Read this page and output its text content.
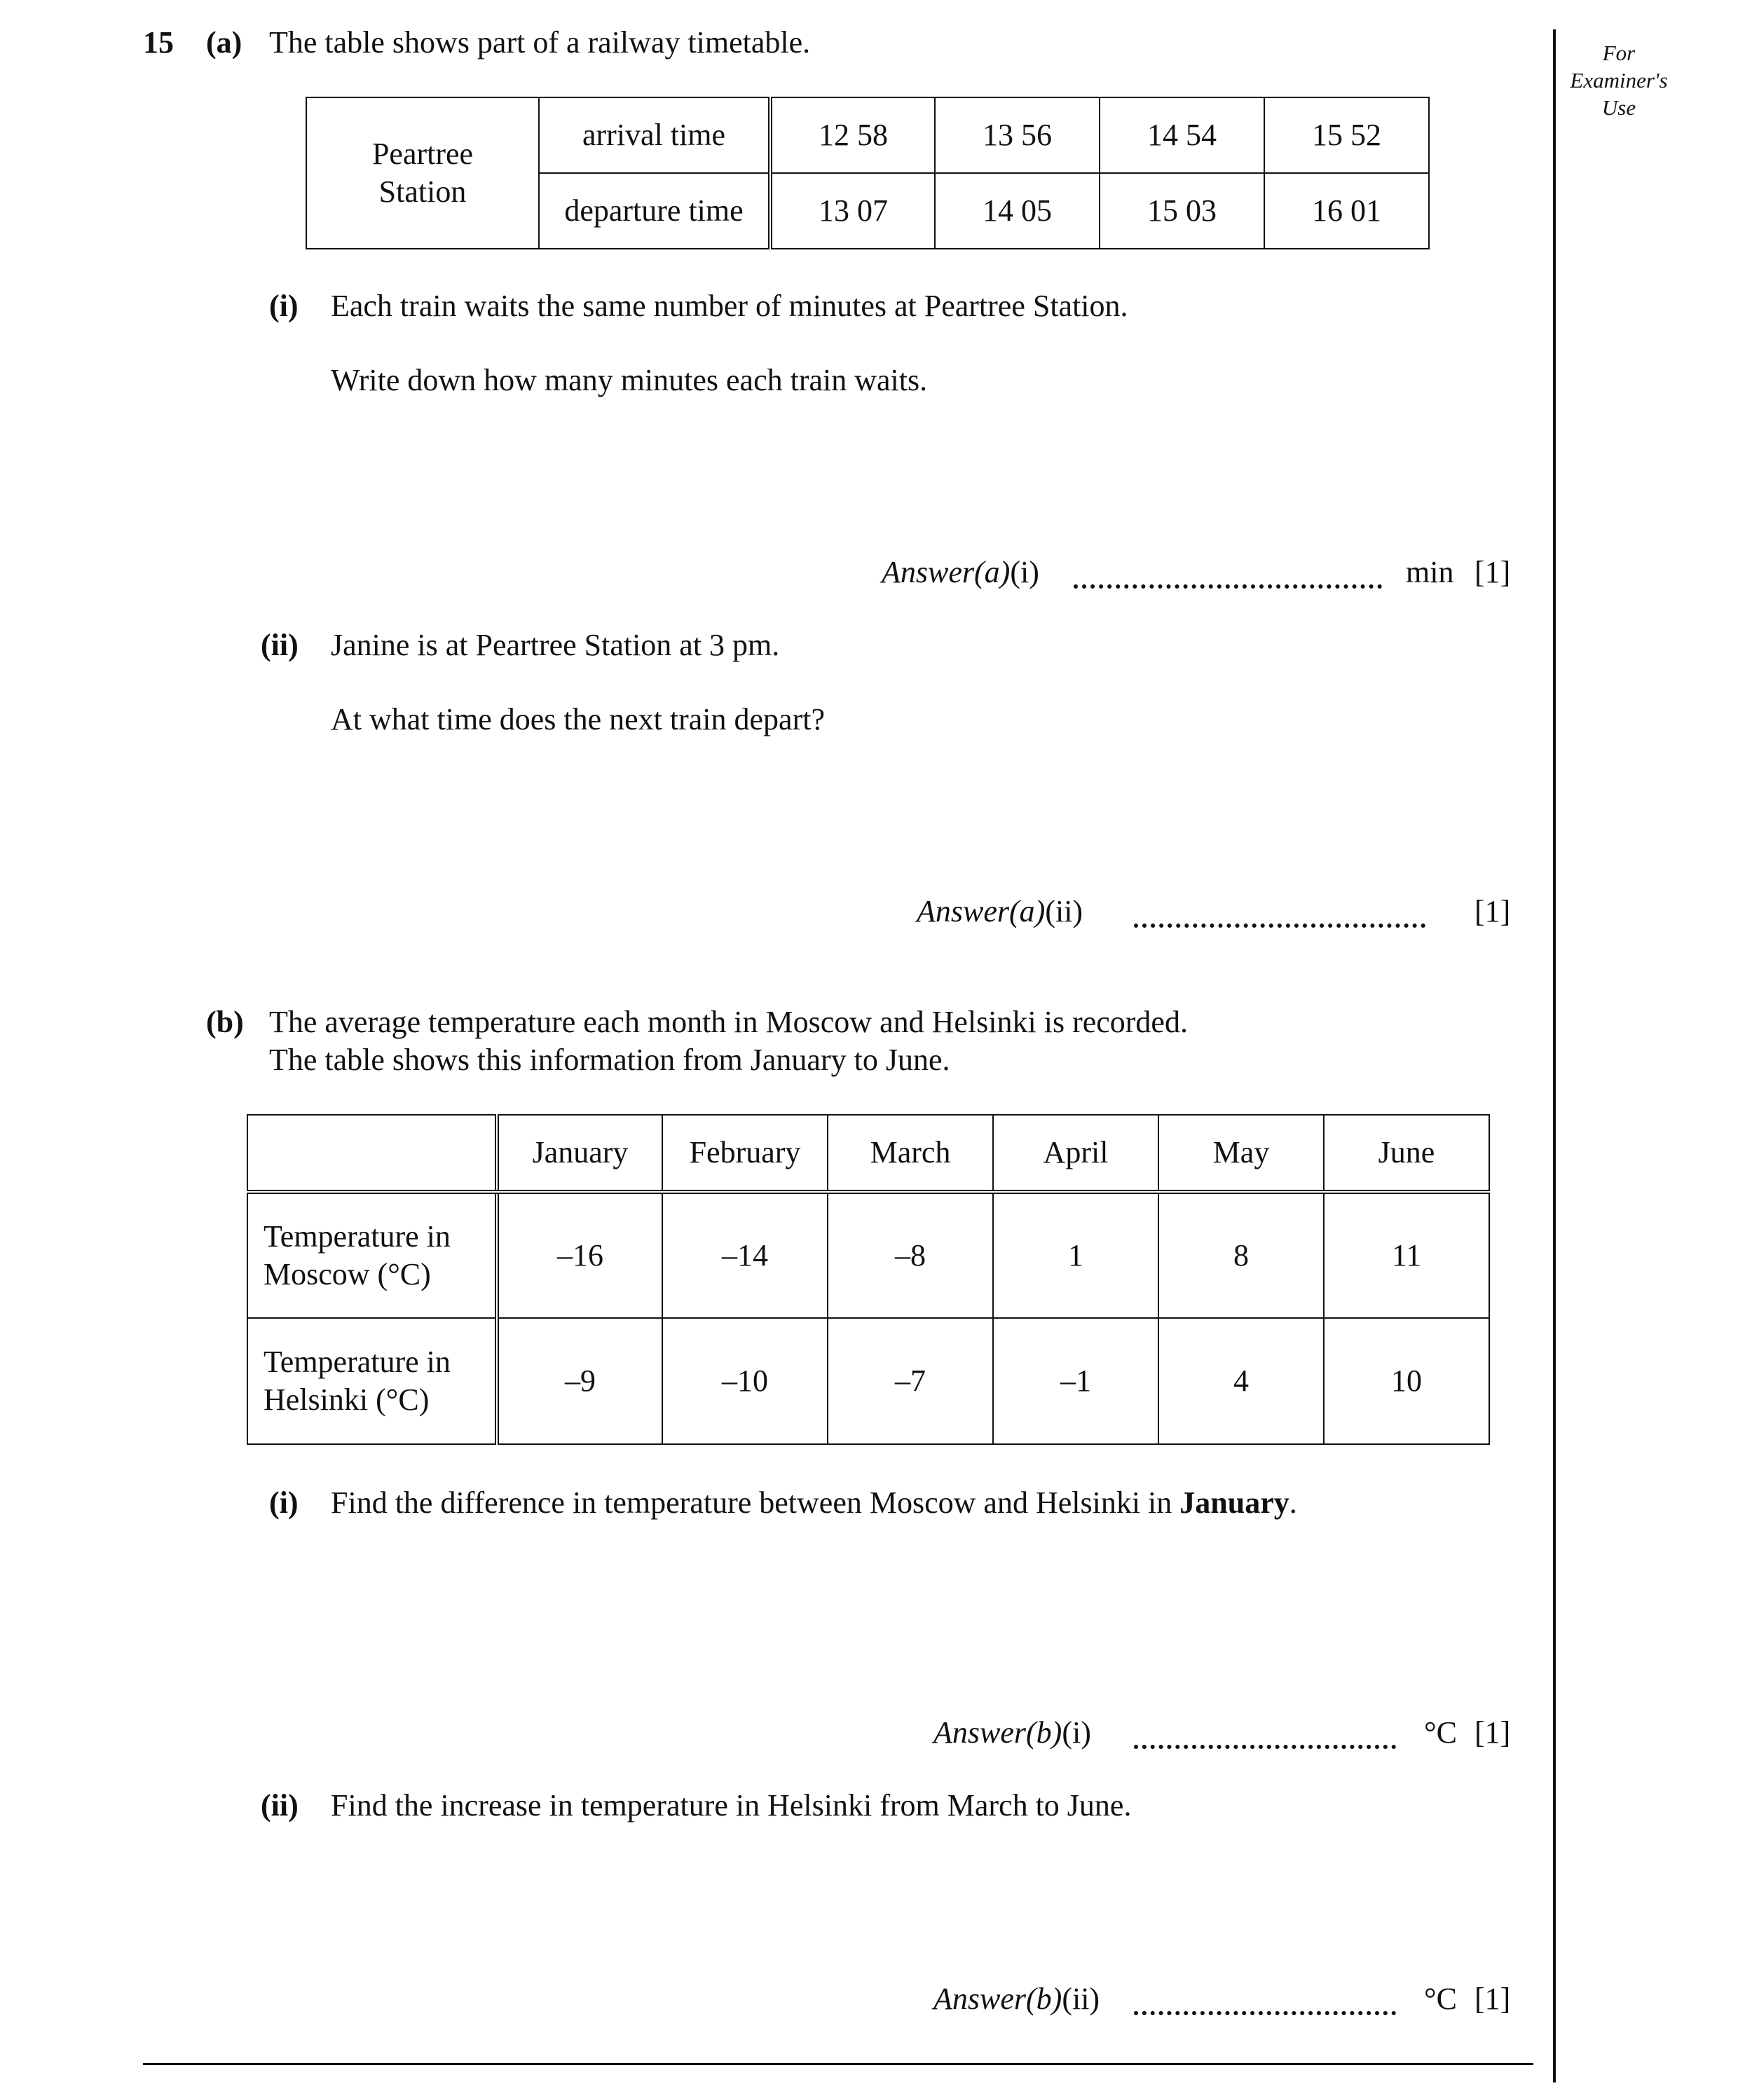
For
Examiner's
Use
15 (a) The table shows part of a railway timetable.
Peartree
Station	arrival time	12 58	13 56	14 54	15 52
	departure time	13 07	14 05	15 03	16 01
(i) Each train waits the same number of minutes at Peartree Station.
Write down how many minutes each train waits.
Answer(a)(i)	min [1]
(ii) Janine is at Peartree Station at 3 pm.
At what time does the next train depart?
Answer(a)(ii)	[1]
(b) The average temperature each month in Moscow and Helsinki is recorded.
The table shows this information from January to June.
	January	February	March	April	May	June

Temperature in
Moscow (°C)	–16	–14	–8	1	8	11

Temperature in
Helsinki (°C)	–9	–10	–7	–1	4	10
(i) Find the difference in temperature between Moscow and Helsinki in January.
Answer(b)(i)	°C [1]
(ii) Find the increase in temperature in Helsinki from March to June.
Answer(b)(ii)	°C [1]
